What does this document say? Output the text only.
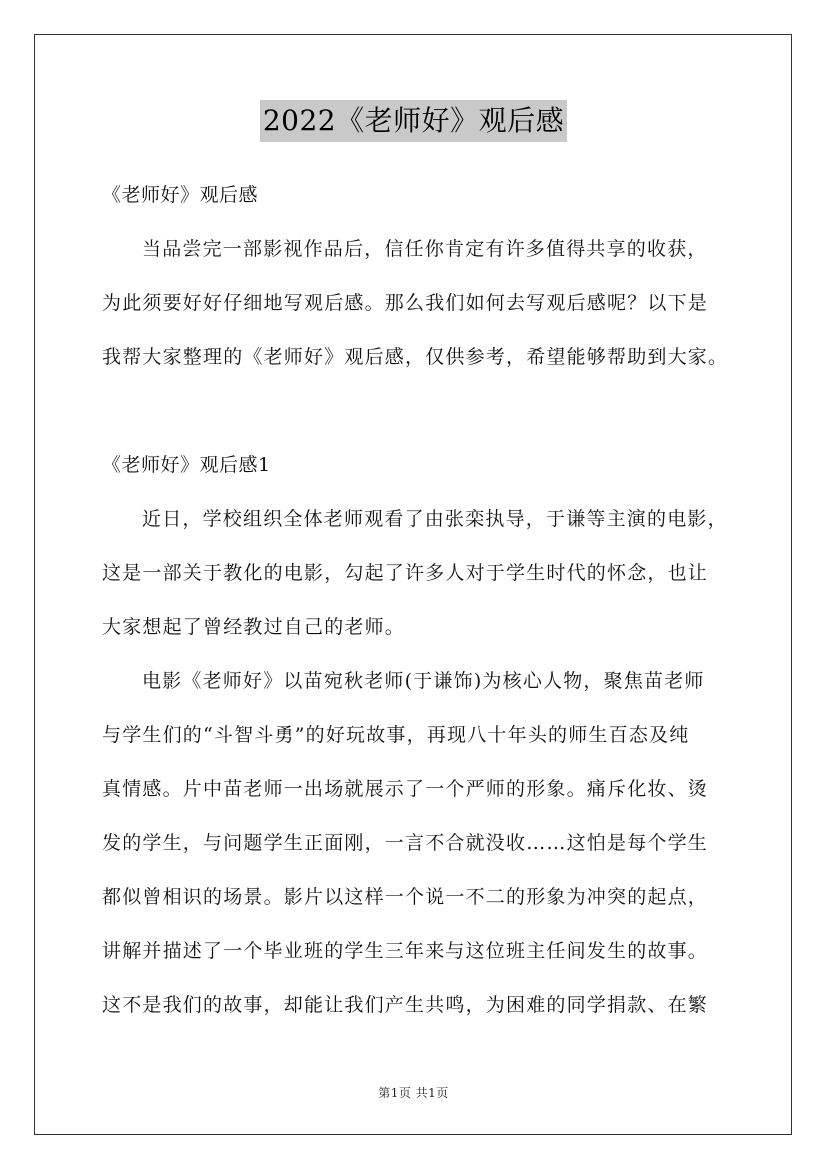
2022《老师好》观后感
《老师好》观后感
当品尝完一部影视作品后，信任你肯定有许多值得共享的收获，
为此须要好好仔细地写观后感。那么我们如何去写观后感呢？以下是
我帮大家整理的《老师好》观后感，仅供参考，希望能够帮助到大家。
《老师好》观后感1
近日，学校组织全体老师观看了由张栾执导，于谦等主演的电影，
这是一部关于教化的电影，勾起了许多人对于学生时代的怀念，也让
大家想起了曾经教过自己的老师。
电影《老师好》以苗宛秋老师(于谦饰)为核心人物，聚焦苗老师
与学生们的“斗智斗勇”的好玩故事，再现八十年头的师生百态及纯
真情感。片中苗老师一出场就展示了一个严师的形象。痛斥化妆、烫
发的学生，与问题学生正面刚，一言不合就没收……这怕是每个学生
都似曾相识的场景。影片以这样一个说一不二的形象为冲突的起点，
讲解并描述了一个毕业班的学生三年来与这位班主任间发生的故事。
这不是我们的故事，却能让我们产生共鸣，为困难的同学捐款、在繁
第1页 共1页
